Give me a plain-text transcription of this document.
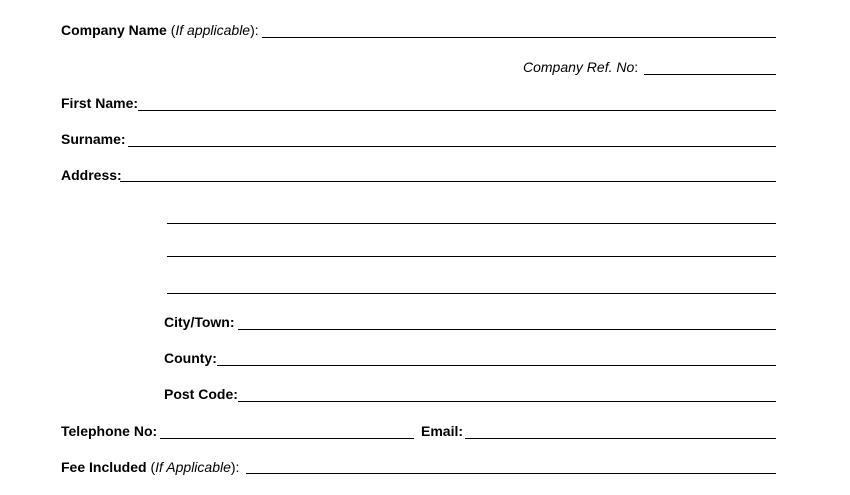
Company Name (If applicable):
Company Ref. No:
First Name:
Surname:
Address:
City/Town:
County:
Post Code:
Telephone No:	Email:
Fee Included (If Applicable):
